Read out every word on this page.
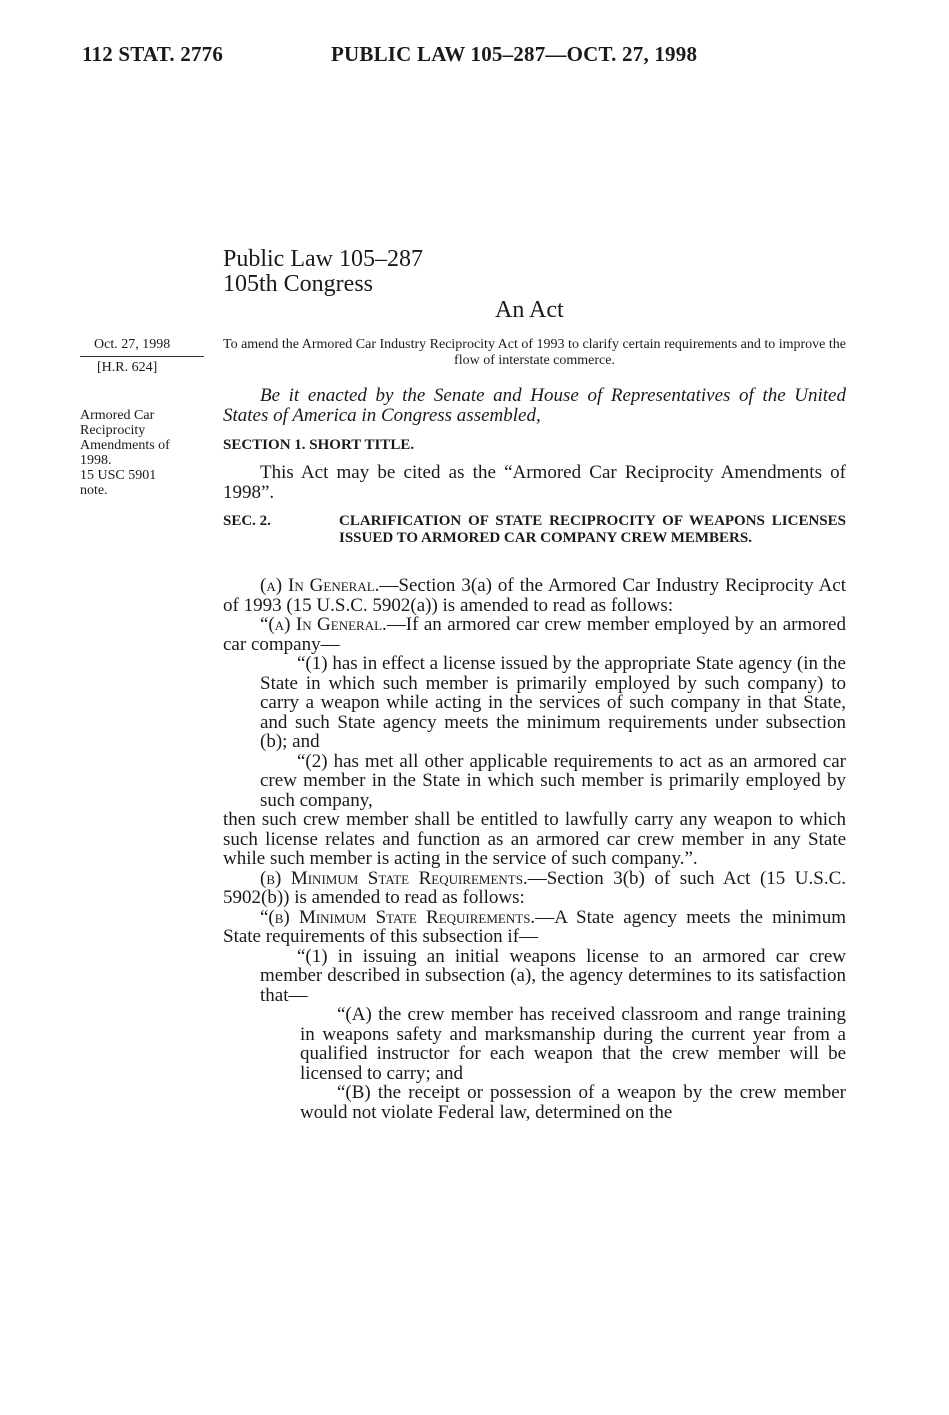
112 STAT. 2776	PUBLIC LAW 105–287—OCT. 27, 1998
Public Law 105–287
105th Congress
An Act
Oct. 27, 1998
[H.R. 624]
Armored Car
Reciprocity
Amendments of
1998.
15 USC 5901
note.
To amend the Armored Car Industry Reciprocity Act of 1993 to clarify certain requirements and to improve the flow of interstate commerce.

Be it enacted by the Senate and House of Representatives of the United States of America in Congress assembled,

SECTION 1. SHORT TITLE.

This Act may be cited as the “Armored Car Reciprocity Amendments of 1998”.

SEC. 2.	CLARIFICATION OF STATE RECIPROCITY OF WEAPONS LICENSES ISSUED TO ARMORED CAR COMPANY CREW MEMBERS.

(a) In General.—Section 3(a) of the Armored Car Industry Reciprocity Act of 1993 (15 U.S.C. 5902(a)) is amended to read as follows:

“(a) In General.—If an armored car crew member employed by an armored car company—

“(1) has in effect a license issued by the appropriate State agency (in the State in which such member is primarily employed by such company) to carry a weapon while acting in the services of such company in that State, and such State agency meets the minimum requirements under subsection (b); and

“(2) has met all other applicable requirements to act as an armored car crew member in the State in which such member is primarily employed by such company,

then such crew member shall be entitled to lawfully carry any weapon to which such license relates and function as an armored car crew member in any State while such member is acting in the service of such company.”.

(b) Minimum State Requirements.—Section 3(b) of such Act (15 U.S.C. 5902(b)) is amended to read as follows:

“(b) Minimum State Requirements.—A State agency meets the minimum State requirements of this subsection if—

“(1) in issuing an initial weapons license to an armored car crew member described in subsection (a), the agency determines to its satisfaction that—

“(A) the crew member has received classroom and range training in weapons safety and marksmanship during the current year from a qualified instructor for each weapon that the crew member will be licensed to carry; and

“(B) the receipt or possession of a weapon by the crew member would not violate Federal law, determined on the
